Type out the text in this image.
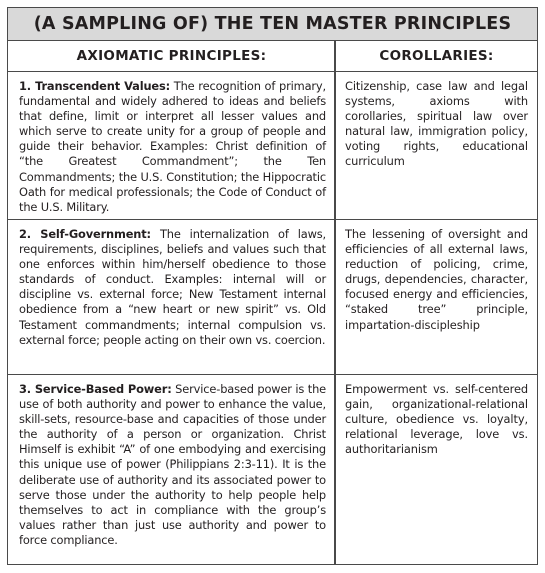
(A SAMPLING OF) THE TEN MASTER PRINCIPLES
AXIOMATIC PRINCIPLES:	COROLLARIES:
1. Transcendent Values: The recognition of primary, fundamental and widely adhered to ideas and beliefs that define, limit or interpret all lesser values and which serve to create unity for a group of people and guide their behavior. Examples: Christ definition of “the Greatest Commandment”; the Ten Commandments; the U.S. Constitution; the Hippocratic Oath for medical professionals; the Code of Conduct of the U.S. Military.
Citizenship, case law and legal systems, axioms with corollaries, spiritual law over natural law, immigration policy, voting rights, educational curriculum
2. Self-Government: The internalization of laws, requirements, disciplines, beliefs and values such that one enforces within him/herself obedience to those standards of conduct. Examples: internal will or discipline vs. external force; New Testament internal obedience from a “new heart or new spirit” vs. Old Testament commandments; internal compulsion vs. external force; people acting on their own vs. coercion.
The lessening of oversight and efficiencies of all external laws, reduction of policing, crime, drugs, dependencies, character, focused energy and efficiencies, “staked tree” principle, impartation-discipleship
3. Service-Based Power: Service-based power is the use of both authority and power to enhance the value, skill-sets, resource-base and capacities of those under the authority of a person or organization. Christ Himself is exhibit “A” of one embodying and exercising this unique use of power (Philippians 2:3-11). It is the deliberate use of authority and its associated power to serve those under the authority to help people help themselves to act in compliance with the group’s values rather than just use authority and power to force compliance.
Empowerment vs. self-centered gain, organizational-relational culture, obedience vs. loyalty, relational leverage, love vs. authoritarianism
